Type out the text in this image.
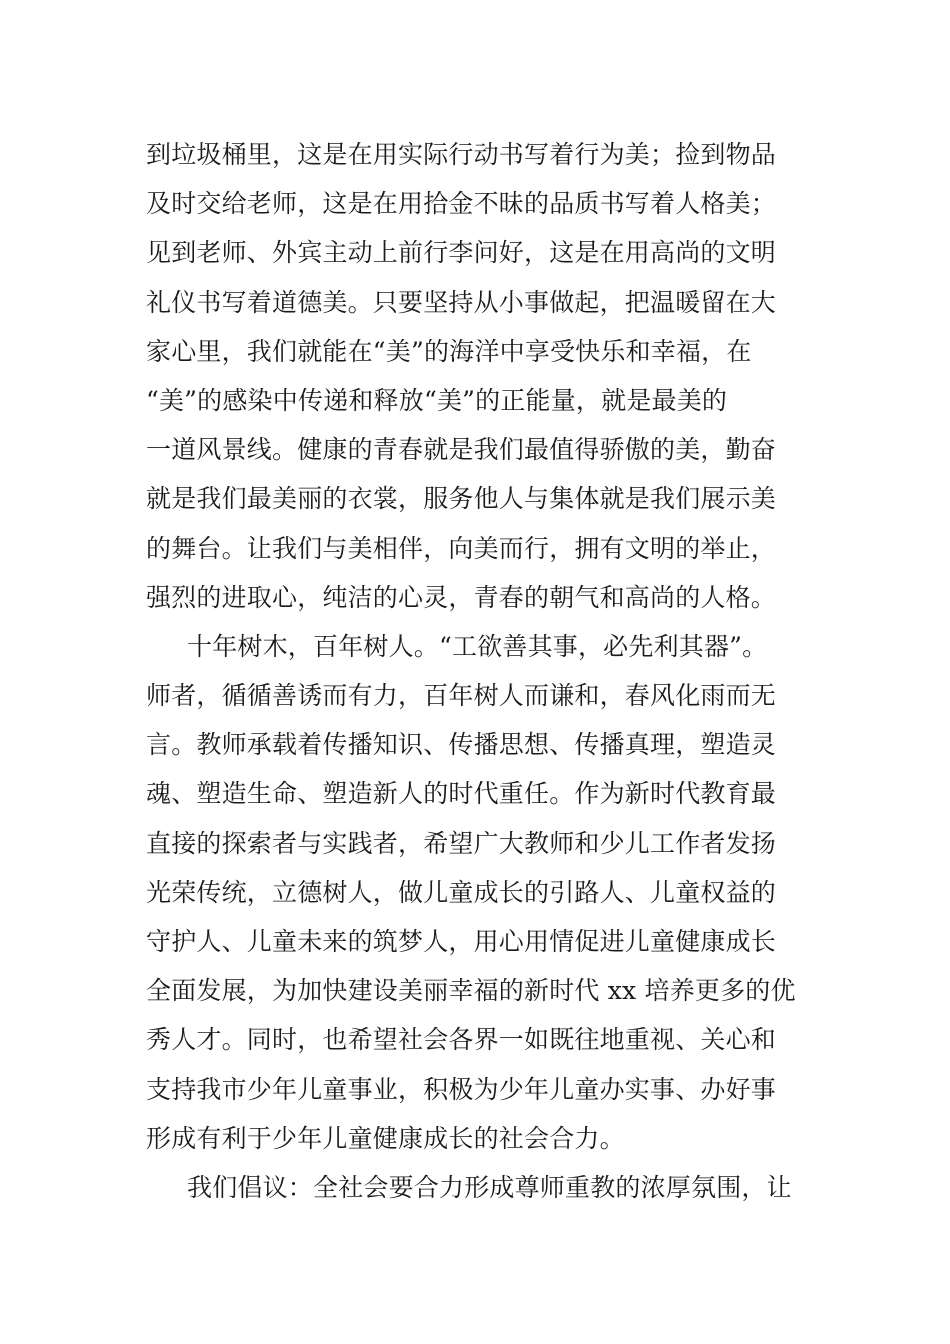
到垃圾桶里，这是在用实际行动书写着行为美；捡到物品
及时交给老师，这是在用拾金不昧的品质书写着人格美；
见到老师、外宾主动上前行李问好，这是在用高尚的文明
礼仪书写着道德美。只要坚持从小事做起，把温暖留在大
家心里，我们就能在“美”的海洋中享受快乐和幸福，在
“美”的感染中传递和释放“美”的正能量，就是最美的
一道风景线。健康的青春就是我们最值得骄傲的美，勤奋
就是我们最美丽的衣裳，服务他人与集体就是我们展示美
的舞台。让我们与美相伴，向美而行，拥有文明的举止，
强烈的进取心，纯洁的心灵，青春的朝气和高尚的人格。
十年树木，百年树人。“工欲善其事，必先利其器”。
师者，循循善诱而有力，百年树人而谦和，春风化雨而无
言。教师承载着传播知识、传播思想、传播真理，塑造灵
魂、塑造生命、塑造新人的时代重任。作为新时代教育最
直接的探索者与实践者，希望广大教师和少儿工作者发扬
光荣传统，立德树人，做儿童成长的引路人、儿童权益的
守护人、儿童未来的筑梦人，用心用情促进儿童健康成长
全面发展，为加快建设美丽幸福的新时代 xx 培养更多的优
秀人才。同时，也希望社会各界一如既往地重视、关心和
支持我市少年儿童事业，积极为少年儿童办实事、办好事
形成有利于少年儿童健康成长的社会合力。
我们倡议：全社会要合力形成尊师重教的浓厚氛围，让
